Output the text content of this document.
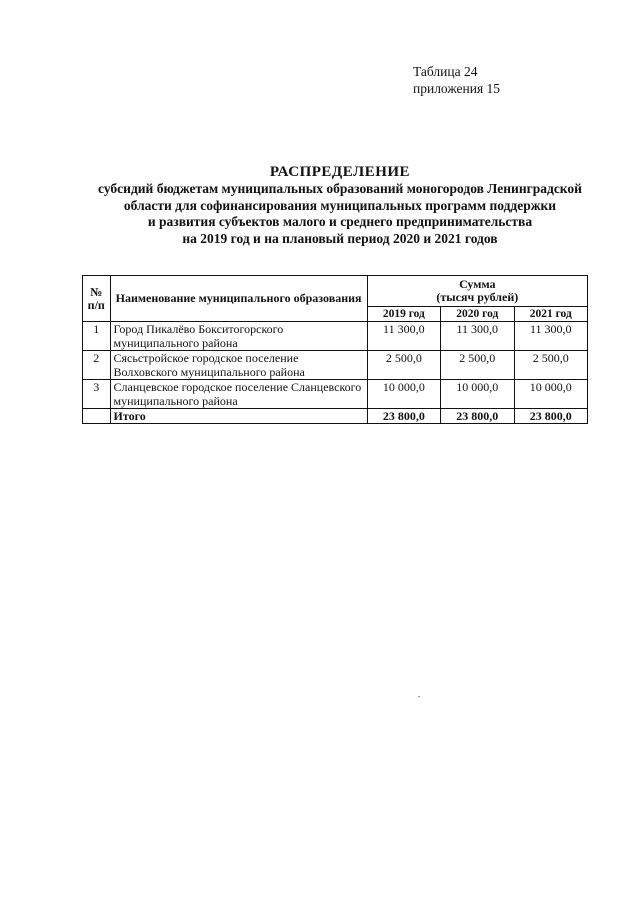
Таблица 24
приложения 15
РАСПРЕДЕЛЕНИЕ
субсидий бюджетам муниципальных образований моногородов Ленинградской
области для софинансирования муниципальных программ поддержки
и развития субъектов малого и среднего предпринимательства
на 2019 год и на плановый период 2020 и 2021 годов
№ п/п	Наименование муниципального образования	Сумма
(тысяч рублей)		

		2019 год	2020 год	2021 год
1	Город Пикалёво Бокситогорского муниципального района	11 300,0	11 300,0	11 300,0
2	Сясьстройское городское поселение Волховского муниципального района	2 500,0	2 500,0	2 500,0
3	Сланцевское городское поселение Сланцевского муниципального района	10 000,0	10 000,0	10 000,0
	Итого	23 800,0	23 800,0	23 800,0
